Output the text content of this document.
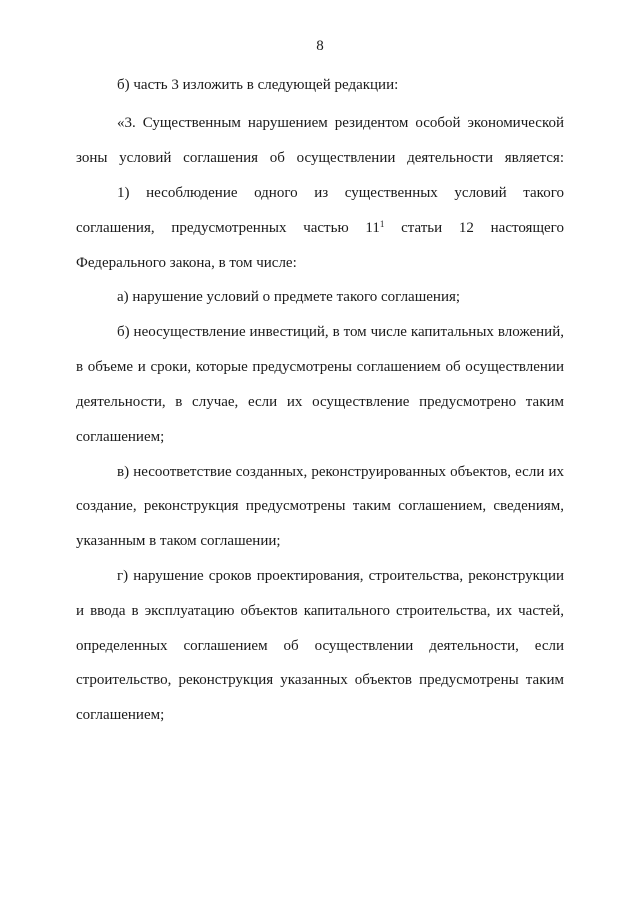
8
б) часть 3 изложить в следующей редакции:
«3. Существенным нарушением резидентом особой экономической
зоны условий соглашения об осуществлении деятельности является:
1) несоблюдение одного из существенных условий такого
соглашения, предусмотренных частью $11^1$ статьи 12 настоящего
Федерального закона, в том числе:
а) нарушение условий о предмете такого соглашения;
б) неосуществление инвестиций, в том числе капитальных вложений,
в объеме и сроки, которые предусмотрены соглашением об осуществлении
деятельности, в случае, если их осуществление предусмотрено таким
соглашением;
в) несоответствие созданных, реконструированных объектов, если их
создание, реконструкция предусмотрены таким соглашением, сведениям,
указанным в таком соглашении;
г) нарушение сроков проектирования, строительства, реконструкции
и ввода в эксплуатацию объектов капитального строительства, их частей,
определенных соглашением об осуществлении деятельности, если
строительство, реконструкция указанных объектов предусмотрены таким
соглашением;
